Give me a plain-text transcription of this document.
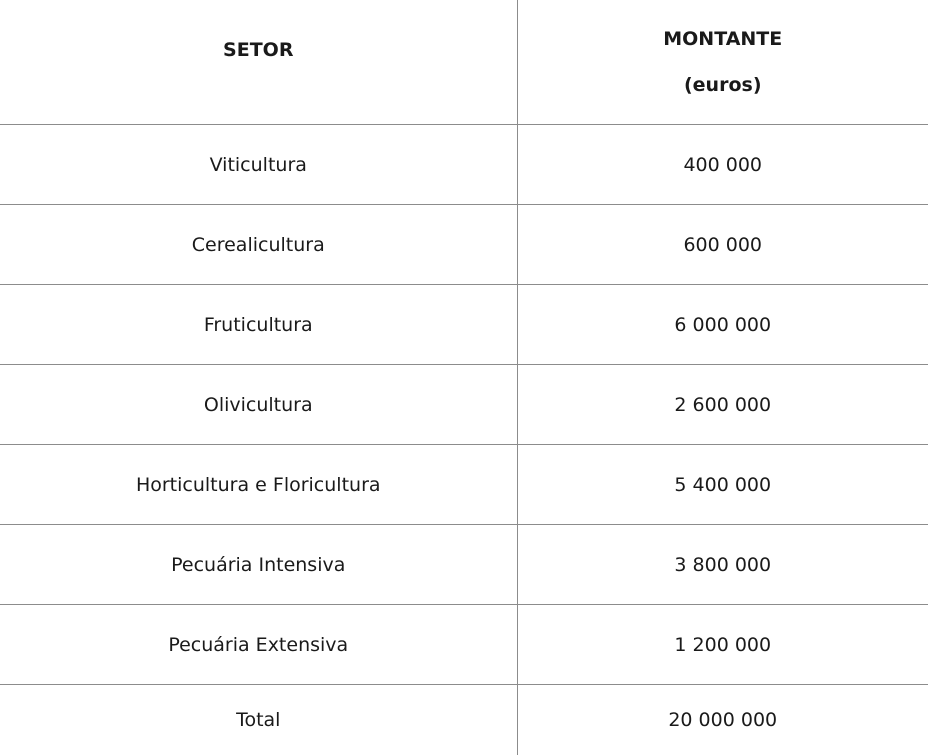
SETOR	MONTANTE
(euros)

Viticultura	400 000
Cerealicultura	600 000
Fruticultura	6 000 000
Olivicultura	2 600 000
Horticultura e Floricultura	5 400 000
Pecuária Intensiva	3 800 000
Pecuária Extensiva	1 200 000
Total	20 000 000
